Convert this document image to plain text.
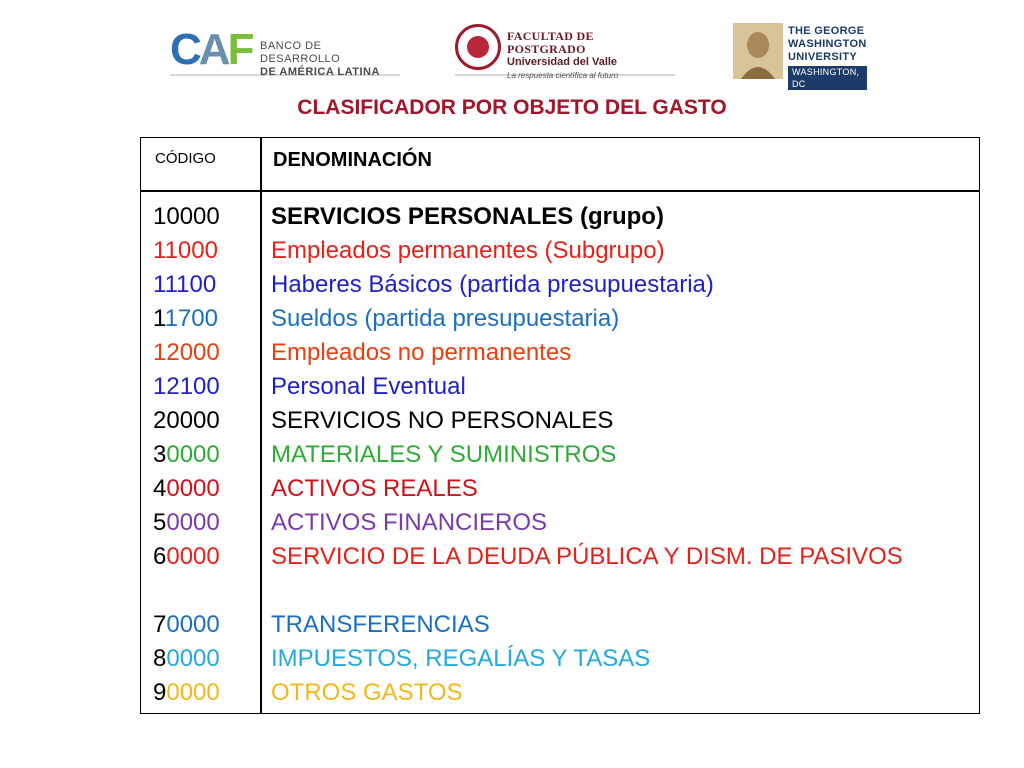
CAF BANCO DE DESARROLLO
DE AMÉRICA LATINA
FACULTAD DE POSTGRADO
Universidad del Valle
La respuesta científica al futuro
THE GEORGE
WASHINGTON
UNIVERSITY
WASHINGTON, DC
CLASIFICADOR POR OBJETO DEL GASTO
CÓDIGO	DENOMINACIÓN
10000 SERVICIOS PERSONALES (grupo)
11000 Empleados permanentes (Subgrupo)
11100 Haberes Básicos (partida presupuestaria)
11700 Sueldos (partida presupuestaria)
12000 Empleados no permanentes
12100 Personal Eventual
20000 SERVICIOS NO PERSONALES
30000 MATERIALES Y SUMINISTROS
40000 ACTIVOS REALES
50000 ACTIVOS FINANCIEROS
60000 SERVICIO DE LA DEUDA PÚBLICA Y DISM. DE PASIVOS
70000 TRANSFERENCIAS
80000 IMPUESTOS, REGALÍAS Y TASAS
90000 OTROS GASTOS
